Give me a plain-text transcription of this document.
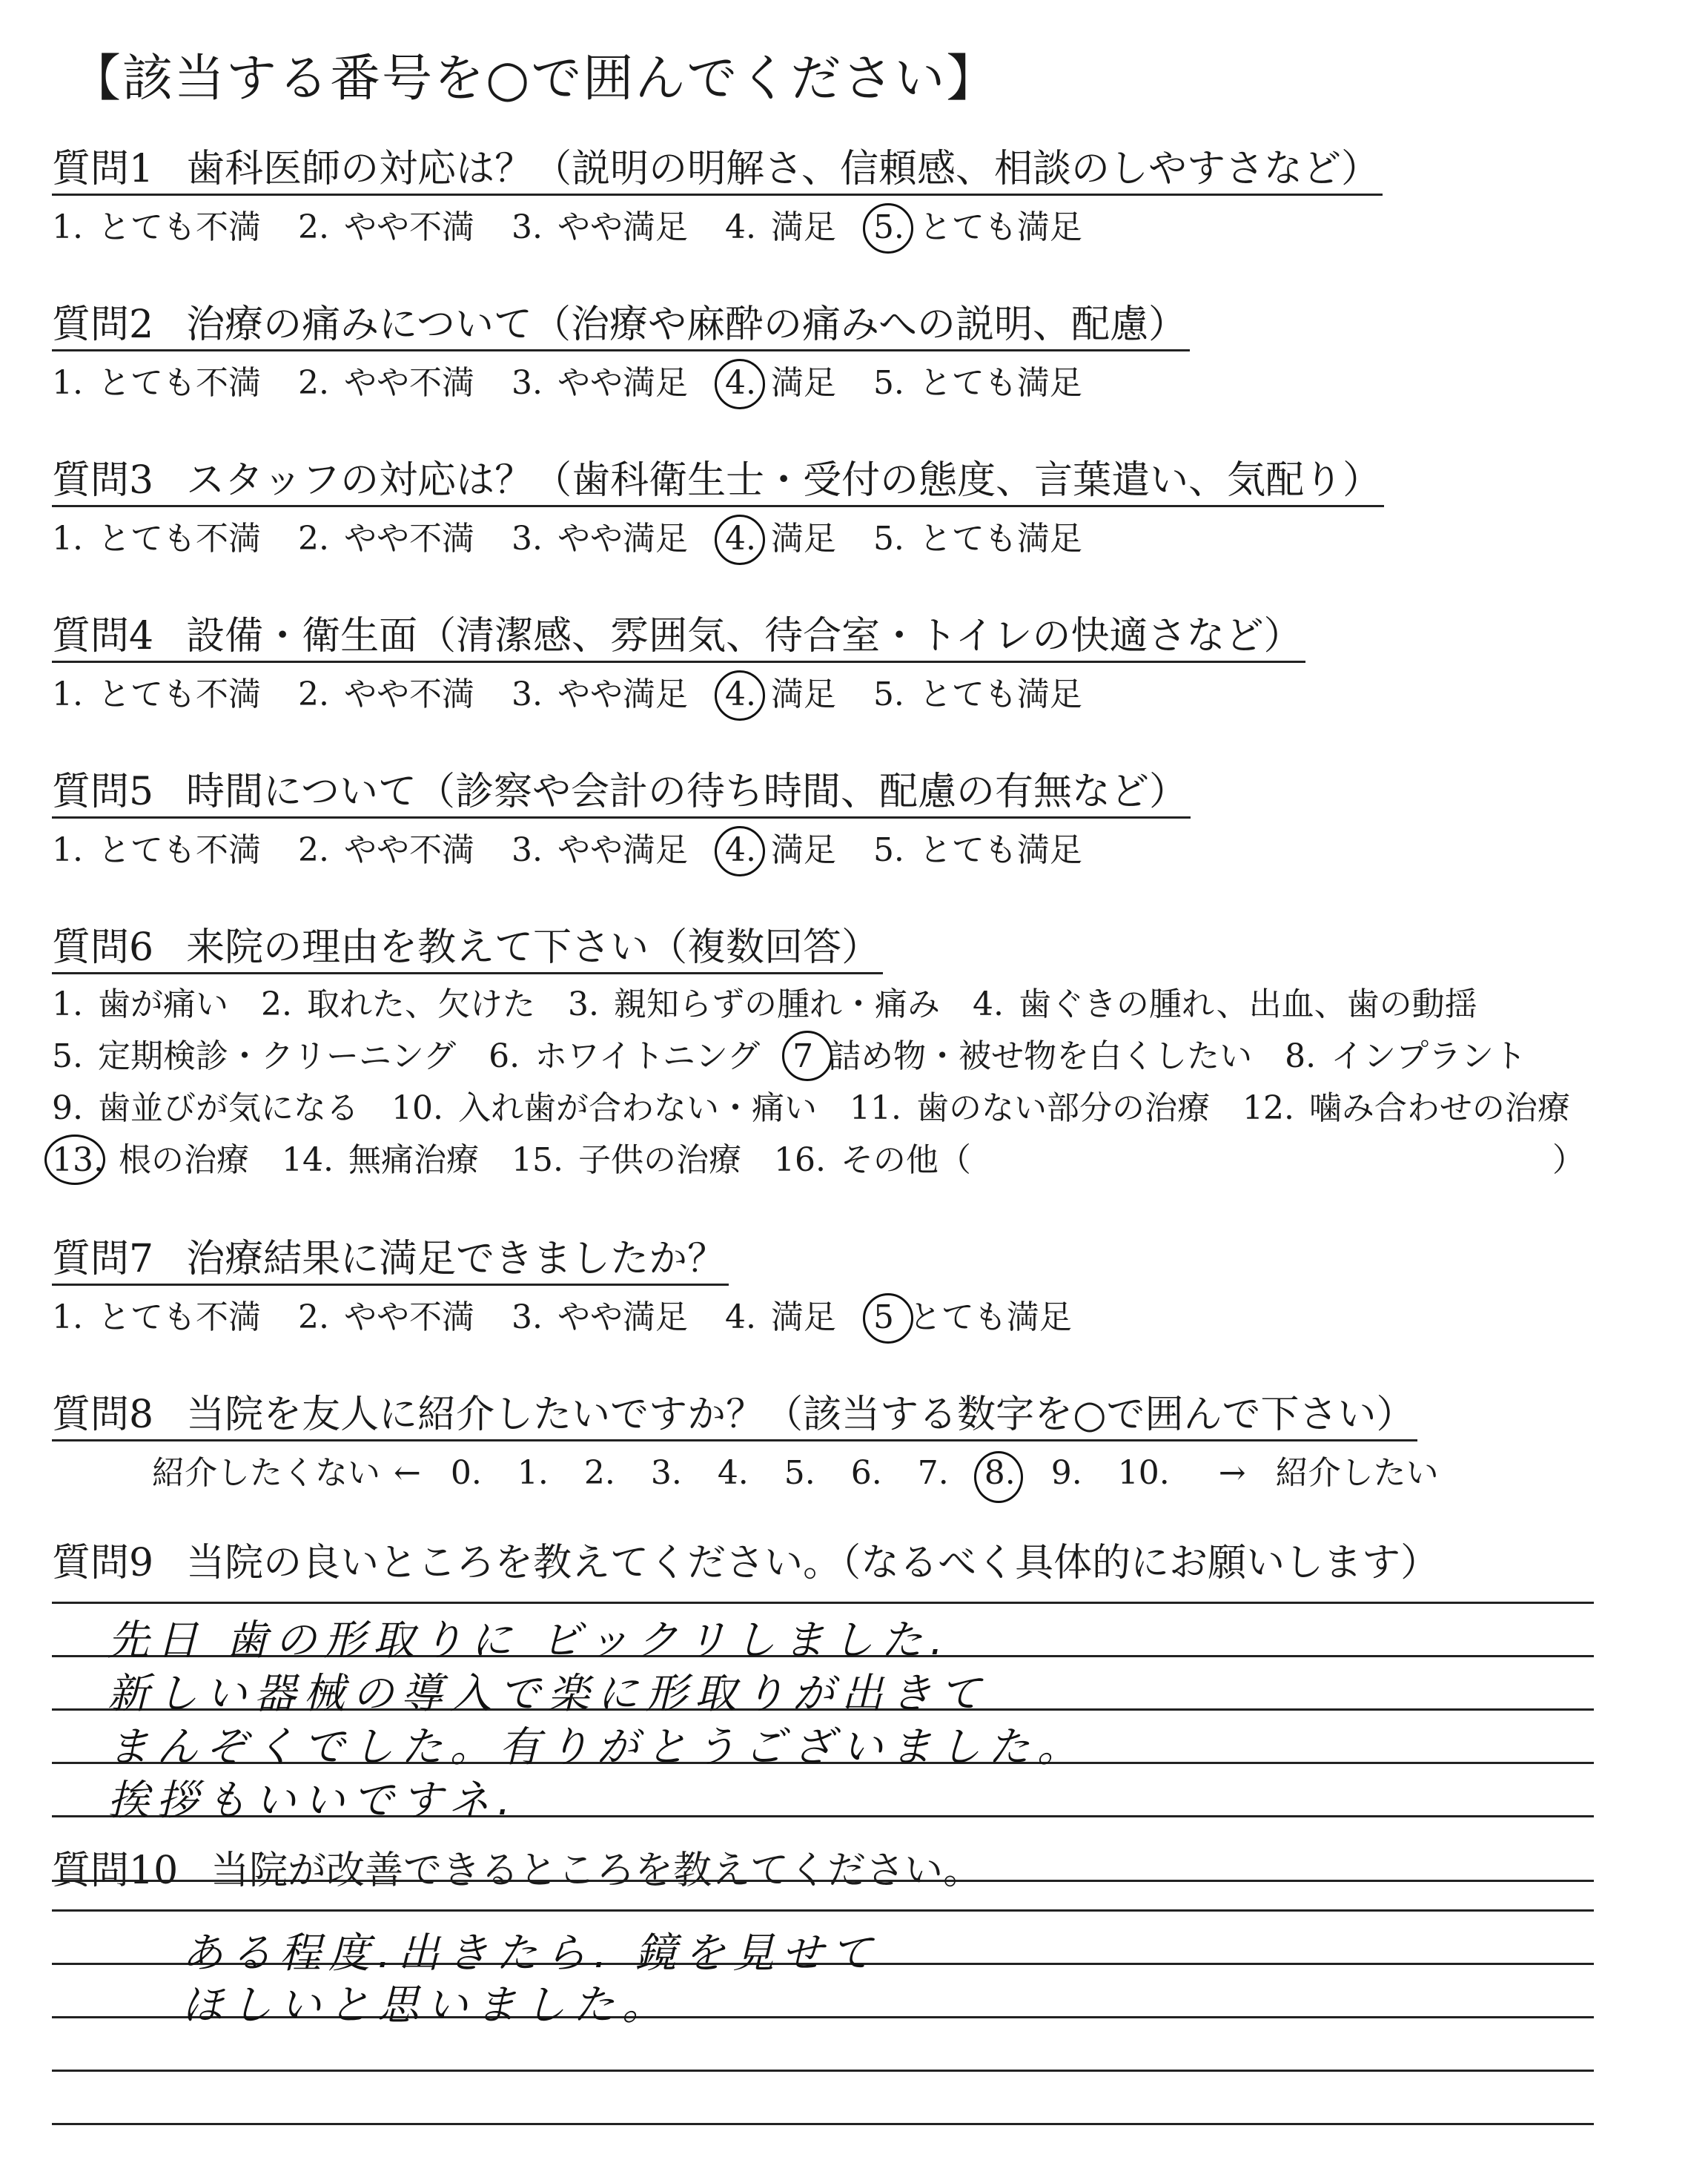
【該当する番号を○で囲んでください】
質問1 歯科医師の対応は？（説明の明解さ、信頼感、相談のしやすさなど）
1. とても不満 2. やや不満 3. やや満足 4. 満足 5. とても満足
質問2 治療の痛みについて（治療や麻酔の痛みへの説明、配慮）
1. とても不満 2. やや不満 3. やや満足 4. 満足 5. とても満足
質問3 スタッフの対応は？（歯科衛生士・受付の態度、言葉遣い、気配り）
1. とても不満 2. やや不満 3. やや満足 4. 満足 5. とても満足
質問4 設備・衛生面（清潔感、雰囲気、待合室・トイレの快適さなど）
1. とても不満 2. やや不満 3. やや満足 4. 満足 5. とても満足
質問5 時間について（診察や会計の待ち時間、配慮の有無など）
1. とても不満 2. やや不満 3. やや満足 4. 満足 5. とても満足
質問6 来院の理由を教えて下さい（複数回答）
1. 歯が痛い 2. 取れた、欠けた 3. 親知らずの腫れ・痛み 4. 歯ぐきの腫れ、出血、歯の動揺
5. 定期検診・クリーニング 6. ホワイトニング 7 詰め物・被せ物を白くしたい 8. インプラント
9. 歯並びが気になる 10. 入れ歯が合わない・痛い 11. 歯のない部分の治療 12. 噛み合わせの治療
13. 根の治療 14. 無痛治療 15. 子供の治療 16. その他（	）
質問7 治療結果に満足できましたか？
1. とても不満 2. やや不満 3. やや満足 4. 満足 5 とても満足
質問8 当院を友人に紹介したいですか？（該当する数字を○で囲んで下さい）
紹介したくない ← 0. 1. 2. 3. 4. 5. 6. 7. 8. 9. 10. → 紹介したい
質問9 当院の良いところを教えてください。（なるべく具体的にお願いします）
先日 歯の形取りに ビックリしました.
新しい器械の導入で楽に形取りが出きて
まんぞくでした。有りがとうございました。
挨拶もいいですネ.
質問10 当院が改善できるところを教えてください。
ある程度.出きたら. 鏡を見せて
ほしいと思いました。
